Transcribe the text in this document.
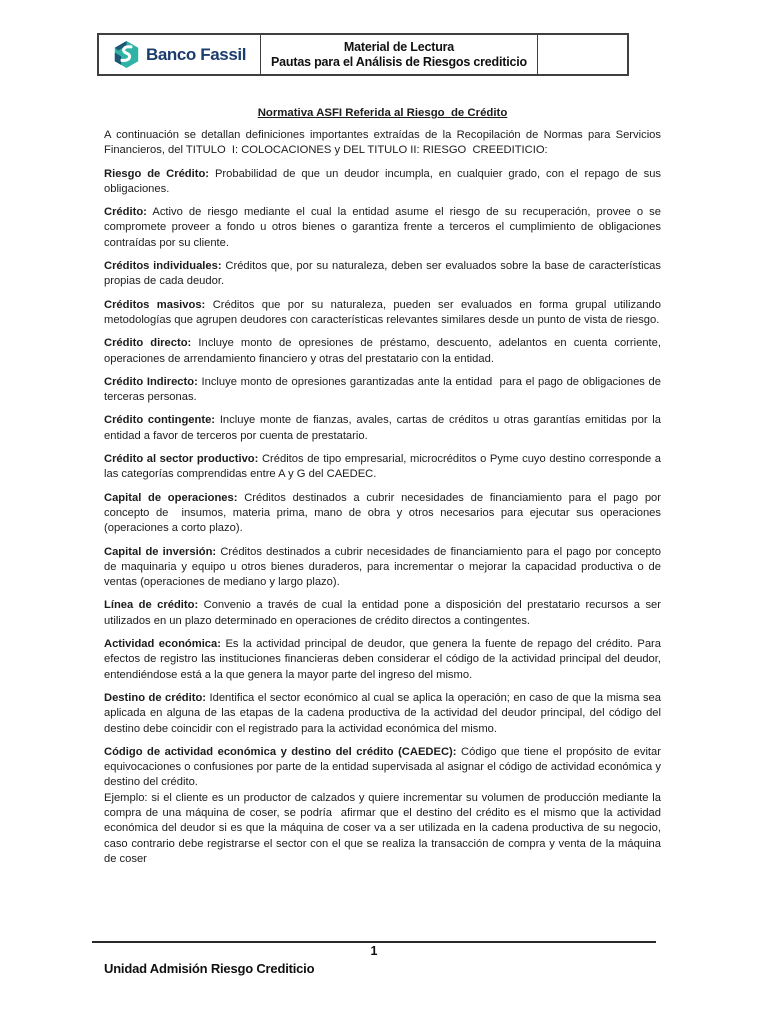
Banco Fassil	Material de Lectura
Pautas para el Análisis de Riesgos crediticio
Normativa ASFI Referida al Riesgo  de Crédito

A continuación se detallan definiciones importantes extraídas de la Recopilación de Normas para Servicios Financieros, del TITULO  I: COLOCACIONES y DEL TITULO II: RIESGO  CREEDITICIO:

Riesgo de Crédito: Probabilidad de que un deudor incumpla, en cualquier grado, con el repago de sus obligaciones.

Crédito: Activo de riesgo mediante el cual la entidad asume el riesgo de su recuperación, provee o se compromete proveer a fondo u otros bienes o garantiza frente a terceros el cumplimiento de obligaciones contraídas por su cliente.

Créditos individuales: Créditos que, por su naturaleza, deben ser evaluados sobre la base de características propias de cada deudor.

Créditos masivos: Créditos que por su naturaleza, pueden ser evaluados en forma grupal utilizando metodologías que agrupen deudores con características relevantes similares desde un punto de vista de riesgo.

Crédito directo: Incluye monto de opresiones de préstamo, descuento, adelantos en cuenta corriente, operaciones de arrendamiento financiero y otras del prestatario con la entidad.

Crédito Indirecto: Incluye monto de opresiones garantizadas ante la entidad  para el pago de obligaciones de terceras personas.

Crédito contingente: Incluye monte de fianzas, avales, cartas de créditos u otras garantías emitidas por la entidad a favor de terceros por cuenta de prestatario.

Crédito al sector productivo: Créditos de tipo empresarial, microcréditos o Pyme cuyo destino corresponde a las categorías comprendidas entre A y G del CAEDEC.

Capital de operaciones: Créditos destinados a cubrir necesidades de financiamiento para el pago por concepto de  insumos, materia prima, mano de obra y otros necesarios para ejecutar sus operaciones (operaciones a corto plazo).

Capital de inversión: Créditos destinados a cubrir necesidades de financiamiento para el pago por concepto de maquinaria y equipo u otros bienes duraderos, para incrementar o mejorar la capacidad productiva o de ventas (operaciones de mediano y largo plazo).

Línea de crédito: Convenio a través de cual la entidad pone a disposición del prestatario recursos a ser utilizados en un plazo determinado en operaciones de crédito directos a contingentes.

Actividad económica: Es la actividad principal de deudor, que genera la fuente de repago del crédito. Para efectos de registro las instituciones financieras deben considerar el código de la actividad principal del deudor, entendiéndose está a la que genera la mayor parte del ingreso del mismo.

Destino de crédito: Identifica el sector económico al cual se aplica la operación; en caso de que la misma sea aplicada en alguna de las etapas de la cadena productiva de la actividad del deudor principal, del código del destino debe coincidir con el registrado para la actividad económica del mismo.

Código de actividad económica y destino del crédito (CAEDEC): Código que tiene el propósito de evitar equivocaciones o confusiones por parte de la entidad supervisada al asignar el código de actividad económica y destino del crédito.
Ejemplo: si el cliente es un productor de calzados y quiere incrementar su volumen de producción mediante la compra de una máquina de coser, se podría  afirmar que el destino del crédito es el mismo que la actividad económica del deudor si es que la máquina de coser va a ser utilizada en la cadena productiva de su negocio, caso contrario debe registrarse el sector con el que se realiza la transacción de compra y venta de la máquina de coser

1
Unidad Admisión Riesgo Crediticio
